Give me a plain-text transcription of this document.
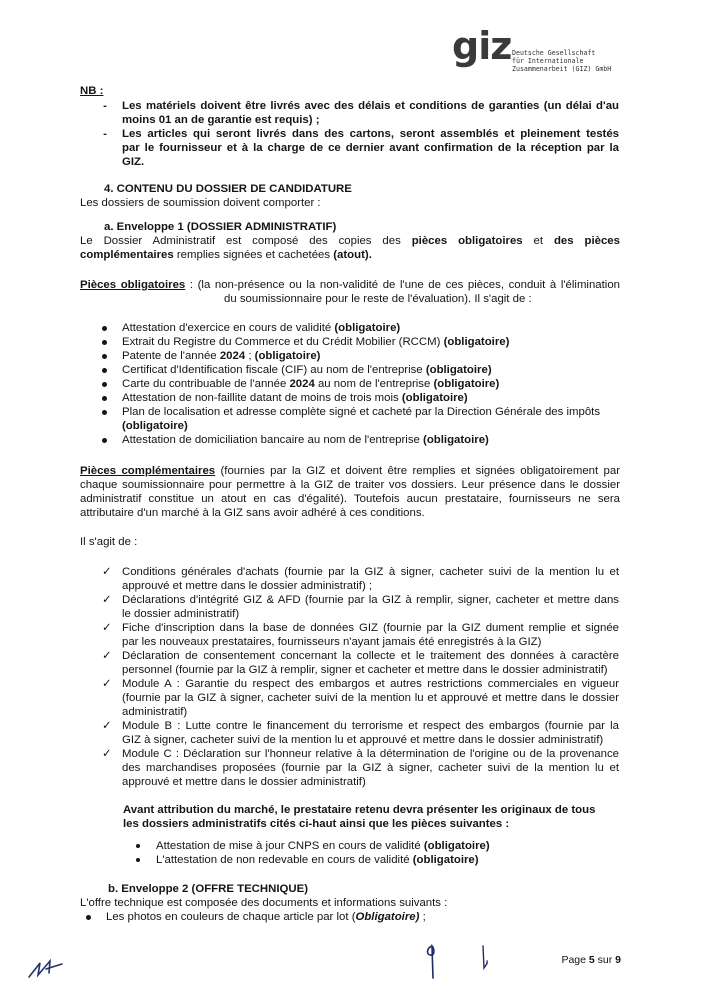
giz Deutsche Gesellschaft
für Internationale
Zusammenarbeit (GIZ) GmbH
NB :
-	Les matériels doivent être livrés avec des délais et conditions de garanties (un délai d'au
moins 01 an de garantie est requis) ;
-	Les articles qui seront livrés dans des cartons, seront assemblés et pleinement testés
par le fournisseur et à la charge de ce dernier avant confirmation de la réception par la
GIZ.
4. CONTENU DU DOSSIER DE CANDIDATURE
Les dossiers de soumission doivent comporter :
a. Enveloppe 1 (DOSSIER ADMINISTRATIF)
Le Dossier Administratif est composé des copies des pièces obligatoires et des pièces
complémentaires remplies signées et cachetées (atout).
Pièces obligatoires : (la non-présence ou la non-validité de l'une de ces pièces, conduit à l'élimination
du soumissionnaire pour le reste de l'évaluation). Il s'agit de :
Attestation d'exercice en cours de validité (obligatoire)
Extrait du Registre du Commerce et du Crédit Mobilier (RCCM) (obligatoire)
Patente de l'année 2024 ; (obligatoire)
Certificat d'Identification fiscale (CIF) au nom de l'entreprise (obligatoire)
Carte du contribuable de l'année 2024 au nom de l'entreprise (obligatoire)
Attestation de non-faillite datant de moins de trois mois (obligatoire)
Plan de localisation et adresse complète signé et cacheté par la Direction Générale des impôts
(obligatoire)
Attestation de domiciliation bancaire au nom de l'entreprise (obligatoire)
Pièces complémentaires (fournies par la GIZ et doivent être remplies et signées obligatoirement par
chaque soumissionnaire pour permettre à la GIZ de traiter vos dossiers. Leur présence dans le dossier
administratif constitue un atout en cas d'égalité). Toutefois aucun prestataire, fournisseurs ne sera
attributaire d'un marché à la GIZ sans avoir adhéré à ces conditions.
Il s'agit de :
✓ Conditions générales d'achats (fournie par la GIZ à signer, cacheter suivi de la mention lu et
approuvé et mettre dans le dossier administratif) ;
✓ Déclarations d'intégrité GIZ & AFD (fournie par la GIZ à remplir, signer, cacheter et mettre dans
le dossier administratif)
✓ Fiche d'inscription dans la base de données GIZ (fournie par la GIZ dument remplie et signée
par les nouveaux prestataires, fournisseurs n'ayant jamais été enregistrés à la GIZ)
✓ Déclaration de consentement concernant la collecte et le traitement des données à caractère
personnel (fournie par la GIZ à remplir, signer et cacheter et mettre dans le dossier administratif)
✓ Module A : Garantie du respect des embargos et autres restrictions commerciales en vigueur
(fournie par la GIZ à signer, cacheter suivi de la mention lu et approuvé et mettre dans le dossier
administratif)
✓ Module B : Lutte contre le financement du terrorisme et respect des embargos (fournie par la
GIZ à signer, cacheter suivi de la mention lu et approuvé et mettre dans le dossier administratif)
✓ Module C : Déclaration sur l'honneur relative à la détermination de l'origine ou de la provenance
des marchandises proposées (fournie par la GIZ à signer, cacheter suivi de la mention lu et
approuvé et mettre dans le dossier administratif)
Avant attribution du marché, le prestataire retenu devra présenter les originaux de tous
les dossiers administratifs cités ci-haut ainsi que les pièces suivantes :
Attestation de mise à jour CNPS en cours de validité (obligatoire)
L'attestation de non redevable en cours de validité (obligatoire)
b. Enveloppe 2 (OFFRE TECHNIQUE)
L'offre technique est composée des documents et informations suivants :
Les photos en couleurs de chaque article par lot (Obligatoire) ;
Page 5 sur 9
